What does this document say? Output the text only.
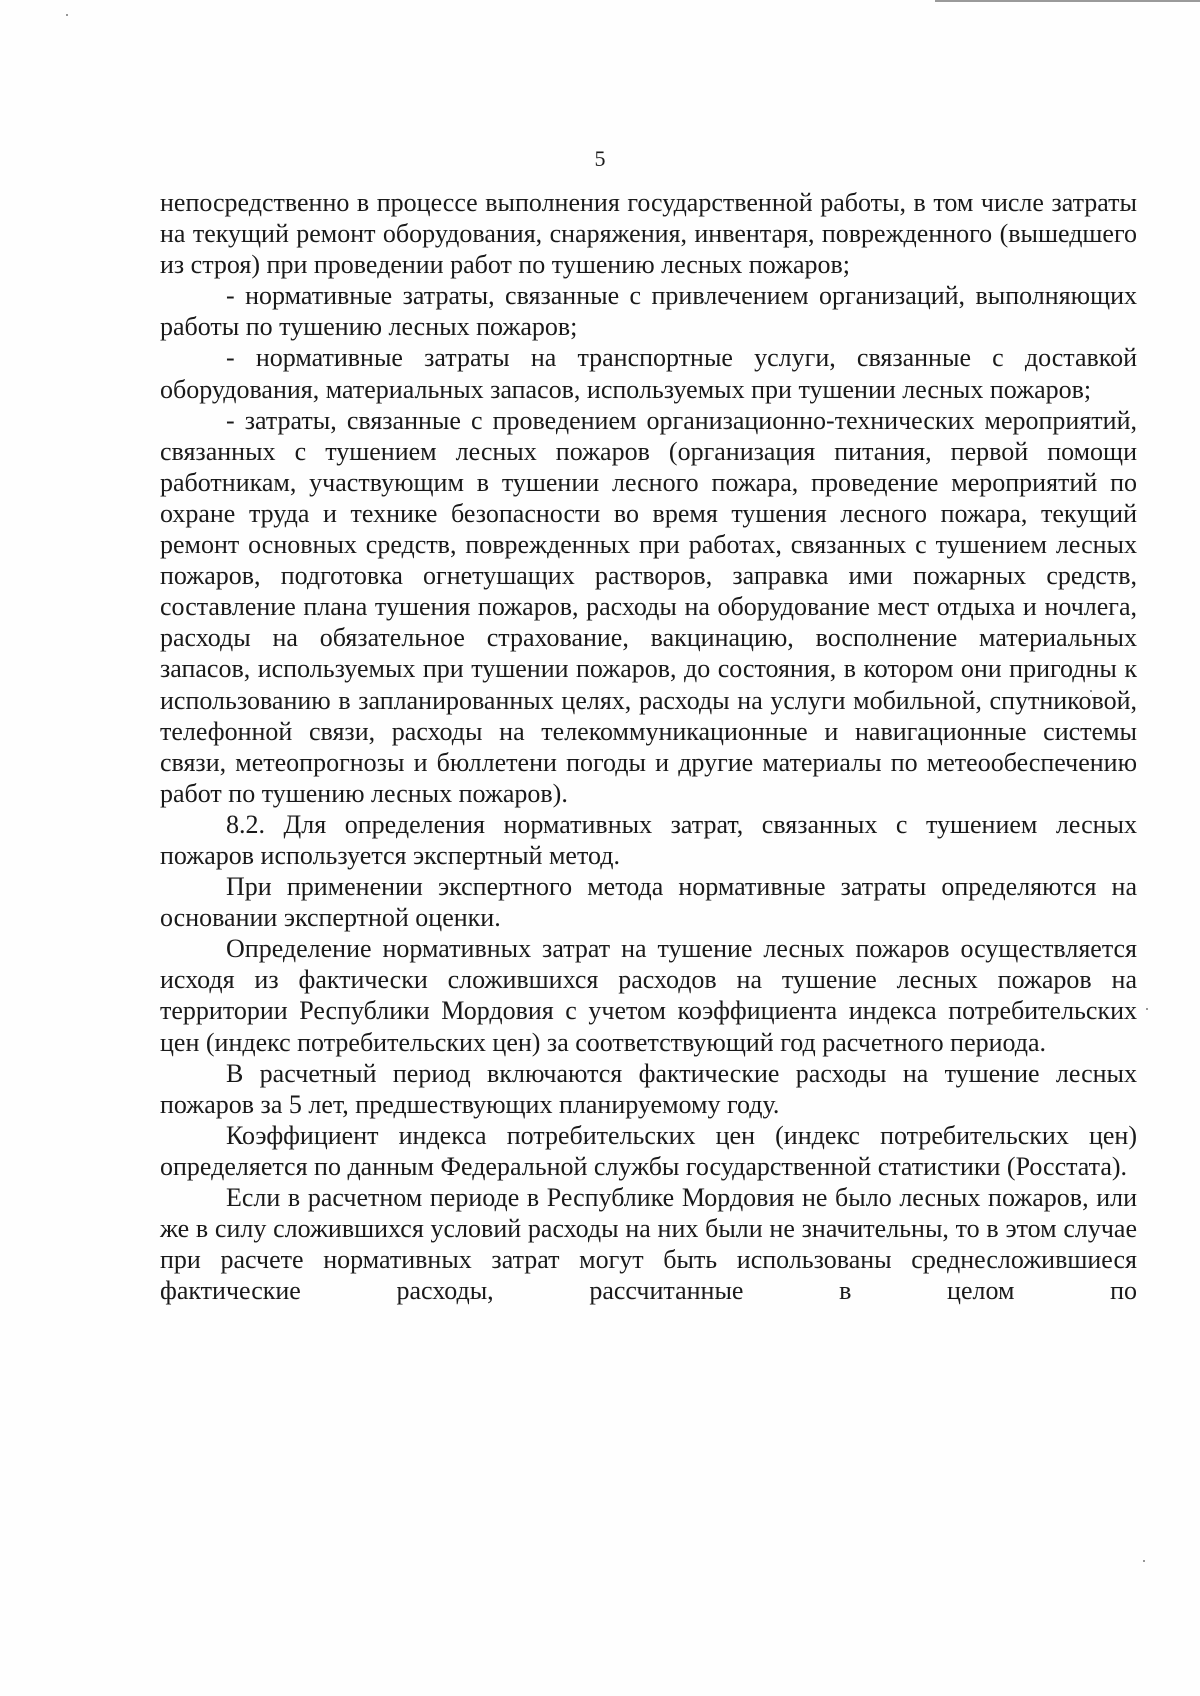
5

непосредственно в процессе выполнения государственной работы, в том числе затраты на текущий ремонт оборудования, снаряжения, инвентаря, поврежденного (вышедшего из строя) при проведении работ по тушению лесных пожаров;

- нормативные затраты, связанные с привлечением организаций, выполняющих работы по тушению лесных пожаров;

- нормативные затраты на транспортные услуги, связанные с доставкой оборудования, материальных запасов, используемых при тушении лесных пожаров;

- затраты, связанные с проведением организационно-технических мероприятий, связанных с тушением лесных пожаров (организация питания, первой помощи работникам, участвующим в тушении лесного пожара, проведение мероприятий по охране труда и технике безопасности во время тушения лесного пожара, текущий ремонт основных средств, поврежденных при работах, связанных с тушением лесных пожаров, подготовка огнетушащих растворов, заправка ими пожарных средств, составление плана тушения пожаров, расходы на оборудование мест отдыха и ночлега, расходы на обязательное страхование, вакцинацию, восполнение материальных запасов, используемых при тушении пожаров, до состояния, в котором они пригодны к использованию в запланированных целях, расходы на услуги мобильной, спутниковой, телефонной связи, расходы на телекоммуникационные и навигационные системы связи, метеопрогнозы и бюллетени погоды и другие материалы по метеообеспечению работ по тушению лесных пожаров).

8.2. Для определения нормативных затрат, связанных с тушением лесных пожаров используется экспертный метод.

При применении экспертного метода нормативные затраты определяются на основании экспертной оценки.

Определение нормативных затрат на тушение лесных пожаров осуществляется исходя из фактически сложившихся расходов на тушение лесных пожаров на территории Республики Мордовия с учетом коэффициента индекса потребительских цен (индекс потребительских цен) за соответствующий год расчетного периода.

В расчетный период включаются фактические расходы на тушение лесных пожаров за 5 лет, предшествующих планируемому году.

Коэффициент индекса потребительских цен (индекс потребительских цен) определяется по данным Федеральной службы государственной статистики (Росстата).

Если в расчетном периоде в Республике Мордовия не было лесных пожаров, или же в силу сложившихся условий расходы на них были не значительны, то в этом случае при расчете нормативных затрат могут быть использованы среднесложившиеся фактические расходы, рассчитанные в целом по
